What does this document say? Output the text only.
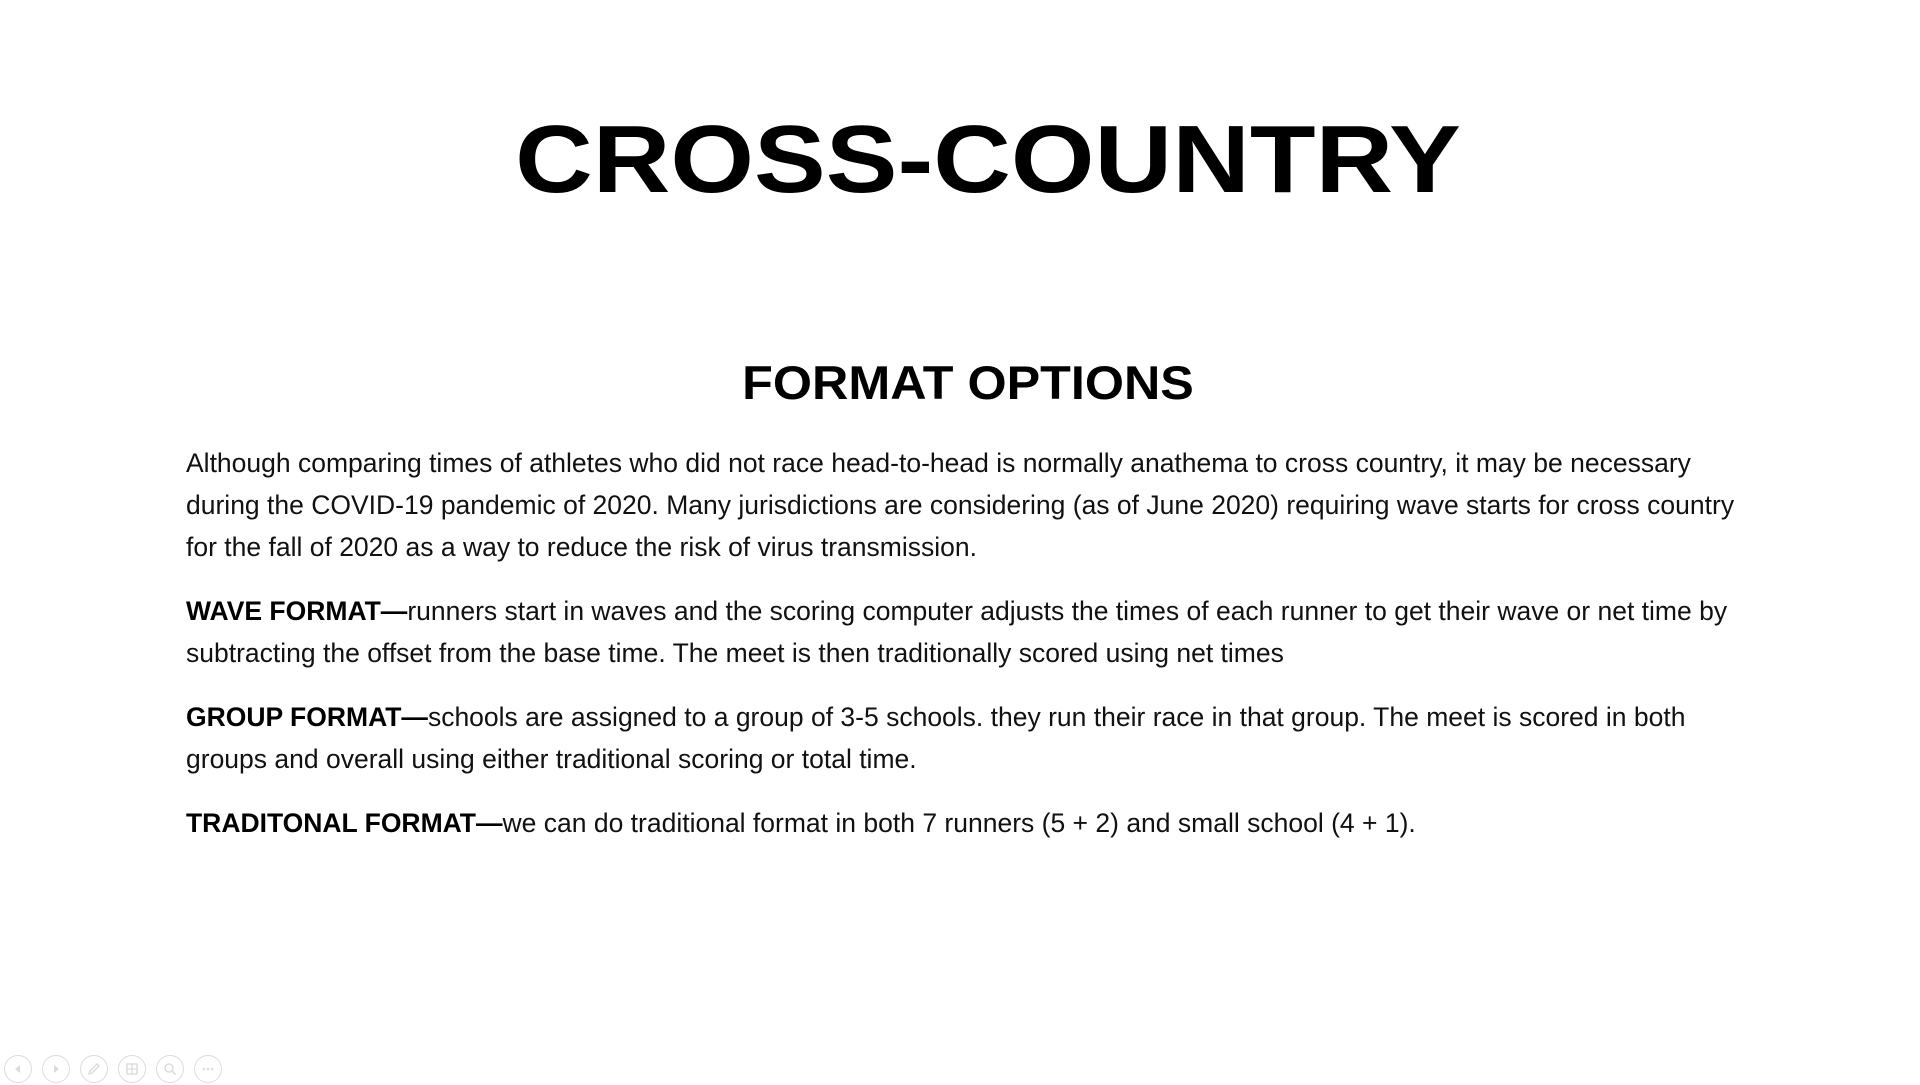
CROSS-COUNTRY
FORMAT OPTIONS

Although comparing times of athletes who did not race head-to-head is normally anathema to cross country, it may be necessary during the COVID-19 pandemic of 2020. Many jurisdictions are considering (as of June 2020) requiring wave starts for cross country for the fall of 2020 as a way to reduce the risk of virus transmission.

WAVE FORMAT—runners start in waves and the scoring computer adjusts the times of each runner to get their wave or net time by subtracting the offset from the base time. The meet is then traditionally scored using net times

GROUP FORMAT—schools are assigned to a group of 3-5 schools. they run their race in that group. The meet is scored in both groups and overall using either traditional scoring or total time.

TRADITONAL FORMAT—we can do traditional format in both 7 runners (5 + 2) and small school (4 + 1).
